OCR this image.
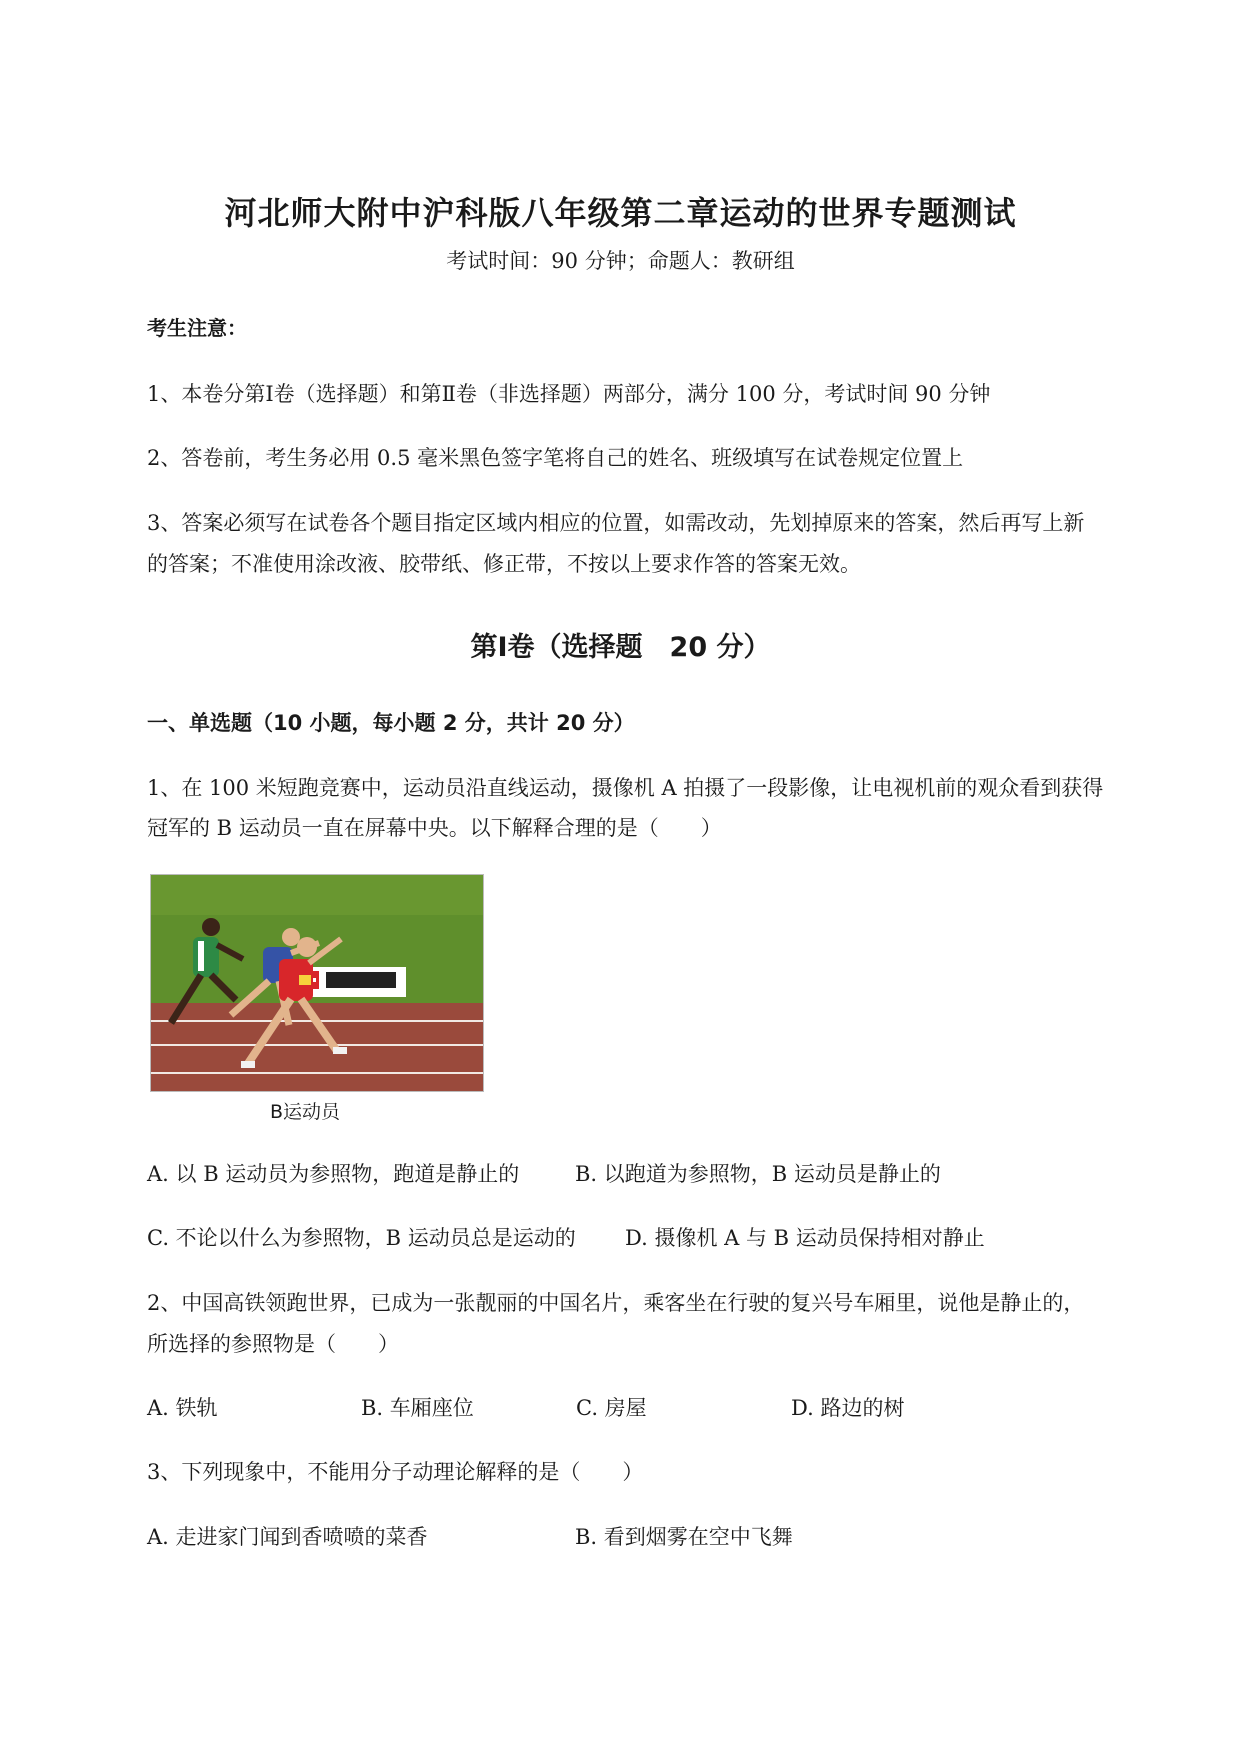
河北师大附中沪科版八年级第二章运动的世界专题测试
考试时间：90 分钟；命题人：教研组
考生注意：
1、本卷分第Ⅰ卷（选择题）和第Ⅱ卷（非选择题）两部分，满分 100 分，考试时间 90 分钟
2、答卷前，考生务必用 0.5 毫米黑色签字笔将自己的姓名、班级填写在试卷规定位置上
3、答案必须写在试卷各个题目指定区域内相应的位置，如需改动，先划掉原来的答案，然后再写上新
的答案；不准使用涂改液、胶带纸、修正带，不按以上要求作答的答案无效。
第Ⅰ卷（选择题　20 分）
一、单选题（10 小题，每小题 2 分，共计 20 分）
1、在 100 米短跑竞赛中，运动员沿直线运动，摄像机 A 拍摄了一段影像，让电视机前的观众看到获得
冠军的 B 运动员一直在屏幕中央。以下解释合理的是（　　）
B运动员
A. 以 B 运动员为参照物，跑道是静止的	B. 以跑道为参照物，B 运动员是静止的
C. 不论以什么为参照物，B 运动员总是运动的 D. 摄像机 A 与 B 运动员保持相对静止
2、中国高铁领跑世界，已成为一张靓丽的中国名片，乘客坐在行驶的复兴号车厢里，说他是静止的，
所选择的参照物是（　　）
A. 铁轨	B. 车厢座位	C. 房屋	D. 路边的树
3、下列现象中，不能用分子动理论解释的是（　　）
A. 走进家门闻到香喷喷的菜香	B. 看到烟雾在空中飞舞
